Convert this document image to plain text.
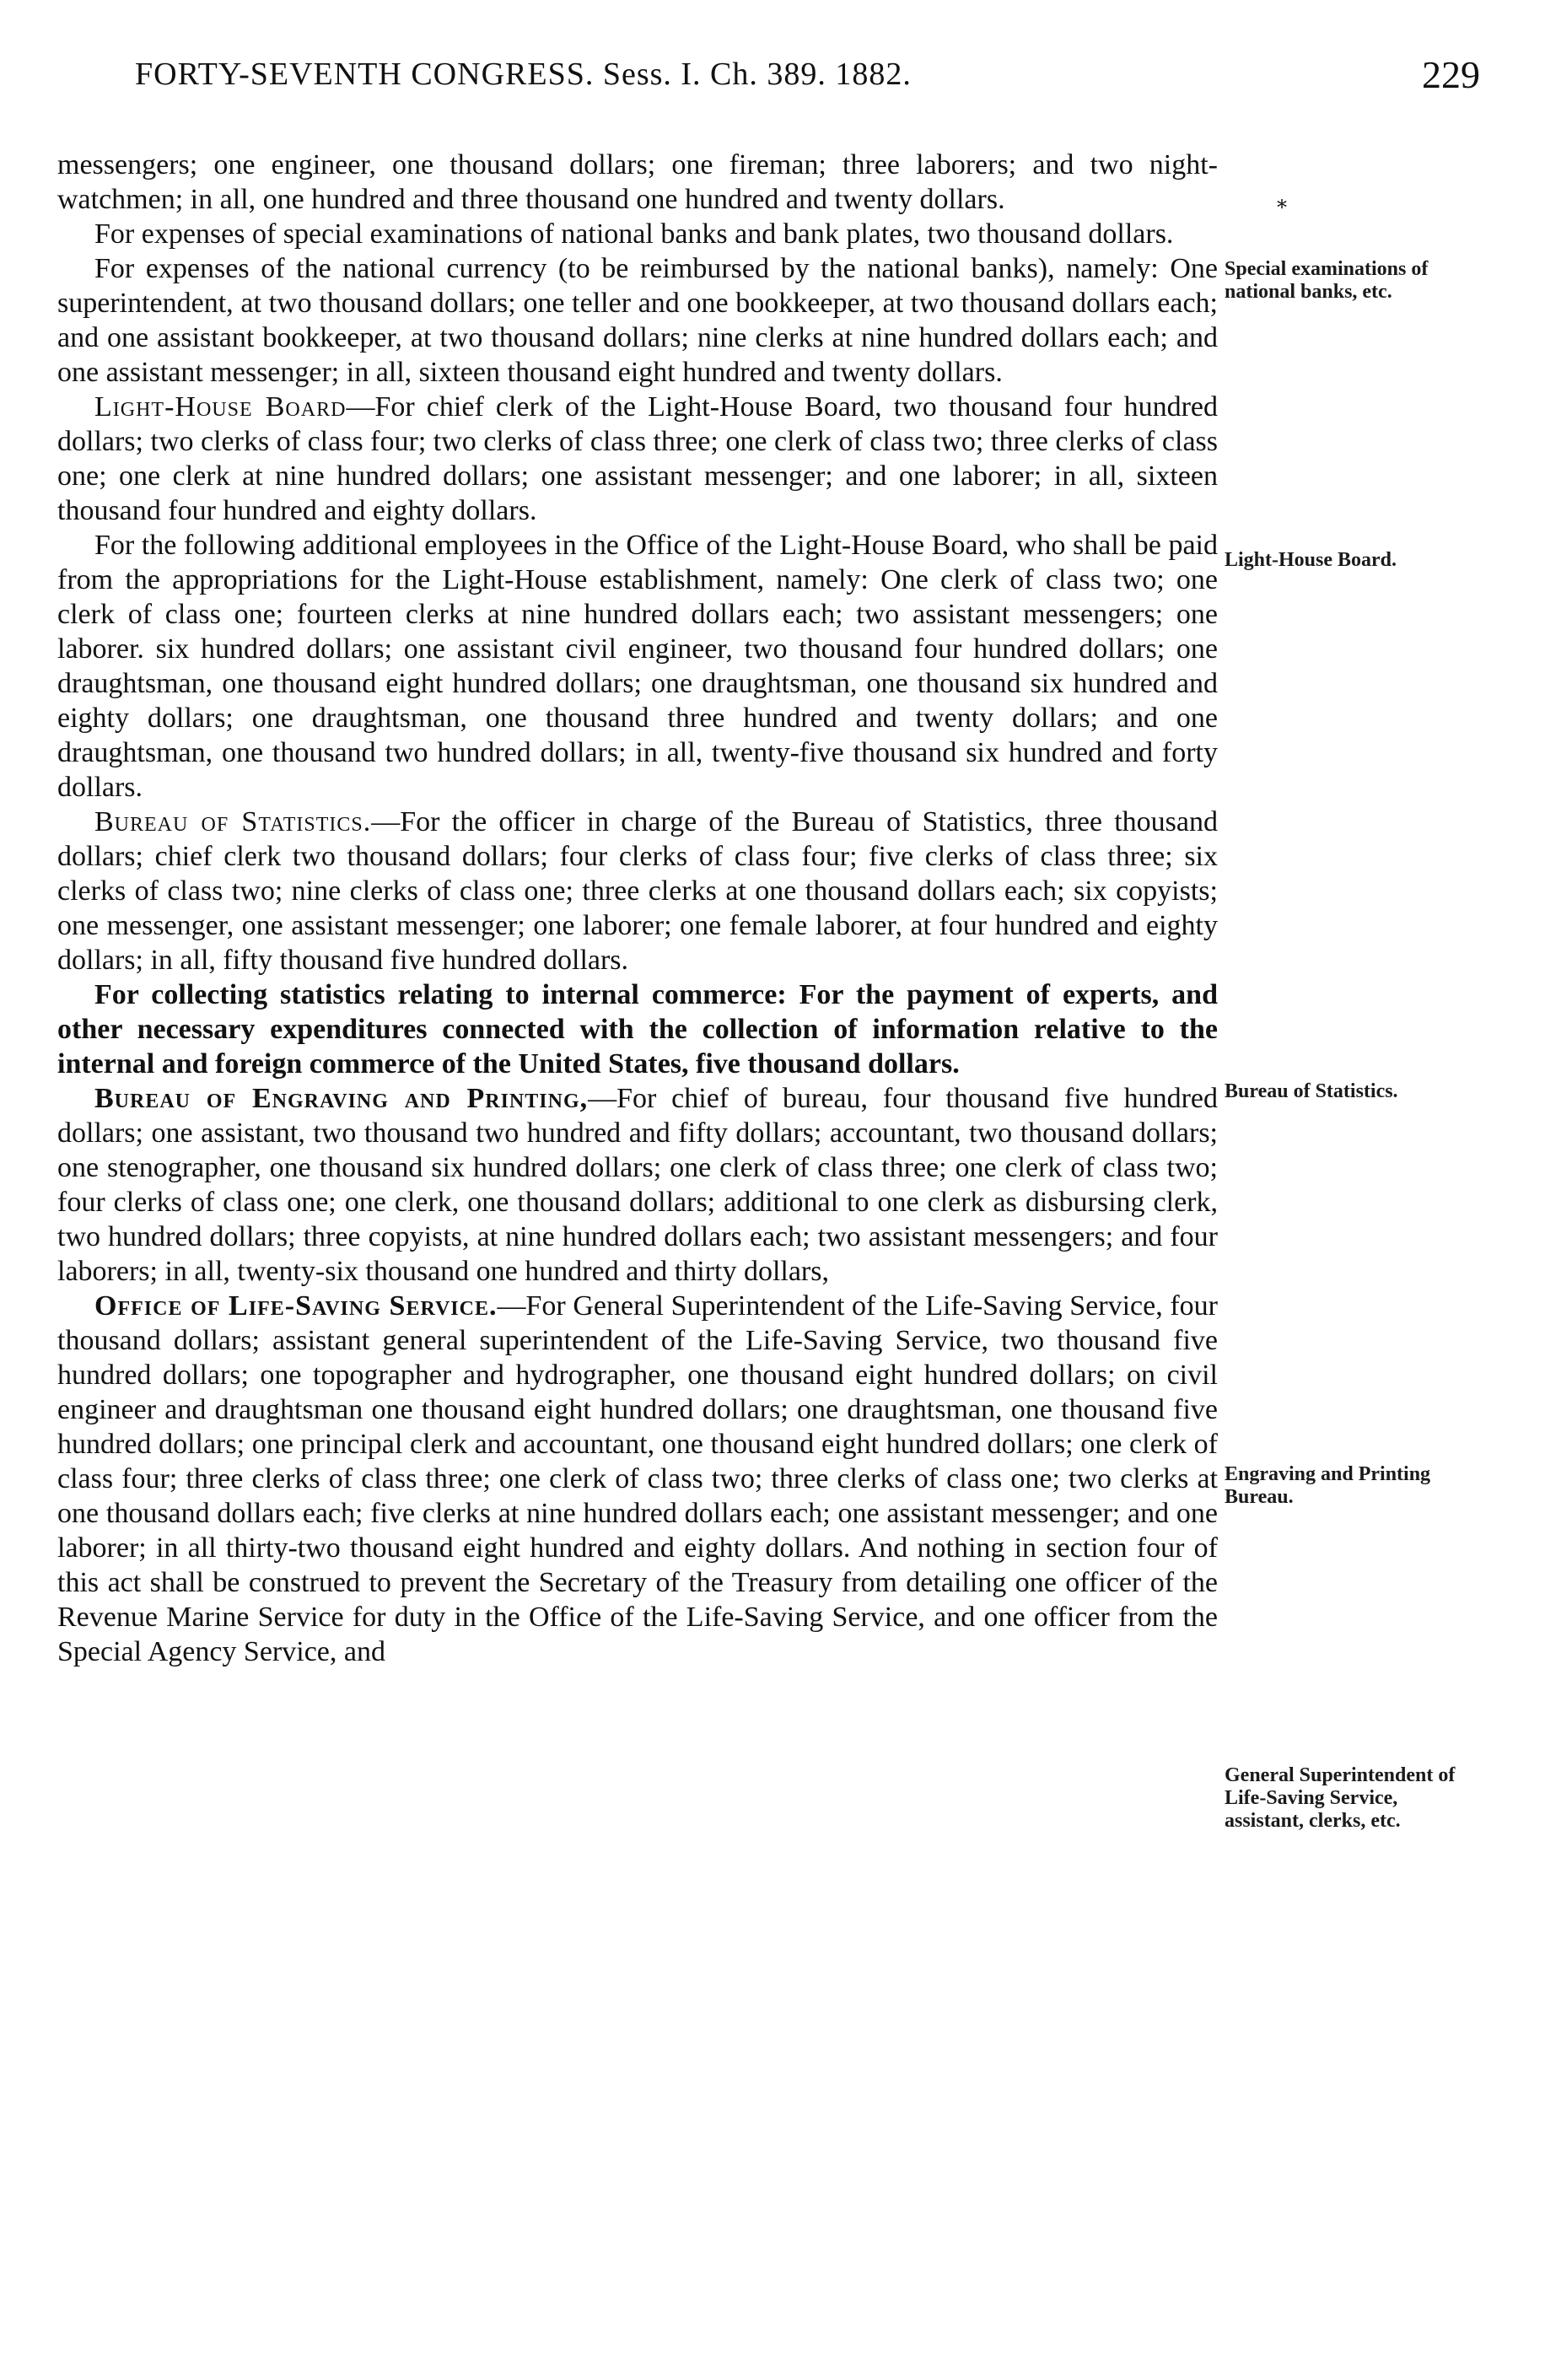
FORTY-SEVENTH CONGRESS. Sess. I. Ch. 389. 1882.	229
*

messengers; one engineer, one thousand dollars; one fireman; three laborers; and two night-watchmen; in all, one hundred and three thousand one hundred and twenty dollars.

For expenses of special examinations of national banks and bank plates, two thousand dollars.

For expenses of the national currency (to be reimbursed by the national banks), namely: One superintendent, at two thousand dollars; one teller and one bookkeeper, at two thousand dollars each; and one assistant bookkeeper, at two thousand dollars; nine clerks at nine hundred dollars each; and one assistant messenger; in all, sixteen thousand eight hundred and twenty dollars.

Light-House Board—For chief clerk of the Light-House Board, two thousand four hundred dollars; two clerks of class four; two clerks of class three; one clerk of class two; three clerks of class one; one clerk at nine hundred dollars; one assistant messenger; and one laborer; in all, sixteen thousand four hundred and eighty dollars.

For the following additional employees in the Office of the Light-House Board, who shall be paid from the appropriations for the Light-House establishment, namely: One clerk of class two; one clerk of class one; fourteen clerks at nine hundred dollars each; two assistant messengers; one laborer. six hundred dollars; one assistant civil engineer, two thousand four hundred dollars; one draughtsman, one thousand eight hundred dollars; one draughtsman, one thousand six hundred and eighty dollars; one draughtsman, one thousand three hundred and twenty dollars; and one draughtsman, one thousand two hundred dollars; in all, twenty-five thousand six hundred and forty dollars.

Bureau of Statistics.—For the officer in charge of the Bureau of Statistics, three thousand dollars; chief clerk two thousand dollars; four clerks of class four; five clerks of class three; six clerks of class two; nine clerks of class one; three clerks at one thousand dollars each; six copyists; one messenger, one assistant messenger; one laborer; one female laborer, at four hundred and eighty dollars; in all, fifty thousand five hundred dollars.

For collecting statistics relating to internal commerce: For the payment of experts, and other necessary expenditures connected with the collection of information relative to the internal and foreign commerce of the United States, five thousand dollars.

Bureau of Engraving and Printing,—For chief of bureau, four thousand five hundred dollars; one assistant, two thousand two hundred and fifty dollars; accountant, two thousand dollars; one stenographer, one thousand six hundred dollars; one clerk of class three; one clerk of class two; four clerks of class one; one clerk, one thousand dollars; additional to one clerk as disbursing clerk, two hundred dollars; three copyists, at nine hundred dollars each; two assistant messengers; and four laborers; in all, twenty-six thousand one hundred and thirty dollars,

Office of Life-Saving Service.—For General Superintendent of the Life-Saving Service, four thousand dollars; assistant general superintendent of the Life-Saving Service, two thousand five hundred dollars; one topographer and hydrographer, one thousand eight hundred dollars; on civil engineer and draughtsman one thousand eight hundred dollars; one draughtsman, one thousand five hundred dollars; one principal clerk and accountant, one thousand eight hundred dollars; one clerk of class four; three clerks of class three; one clerk of class two; three clerks of class one; two clerks at one thousand dollars each; five clerks at nine hundred dollars each; one assistant messenger; and one laborer; in all thirty-two thousand eight hundred and eighty dollars. And nothing in section four of this act shall be construed to prevent the Secretary of the Treasury from detailing one officer of the Revenue Marine Service for duty in the Office of the Life-Saving Service, and one officer from the Special Agency Service, and

Special examinations of national banks, etc.
Light-House Board.
Bureau of Statistics.
Engraving and Printing Bureau.
General Superintendent of Life-Saving Service, assistant, clerks, etc.
